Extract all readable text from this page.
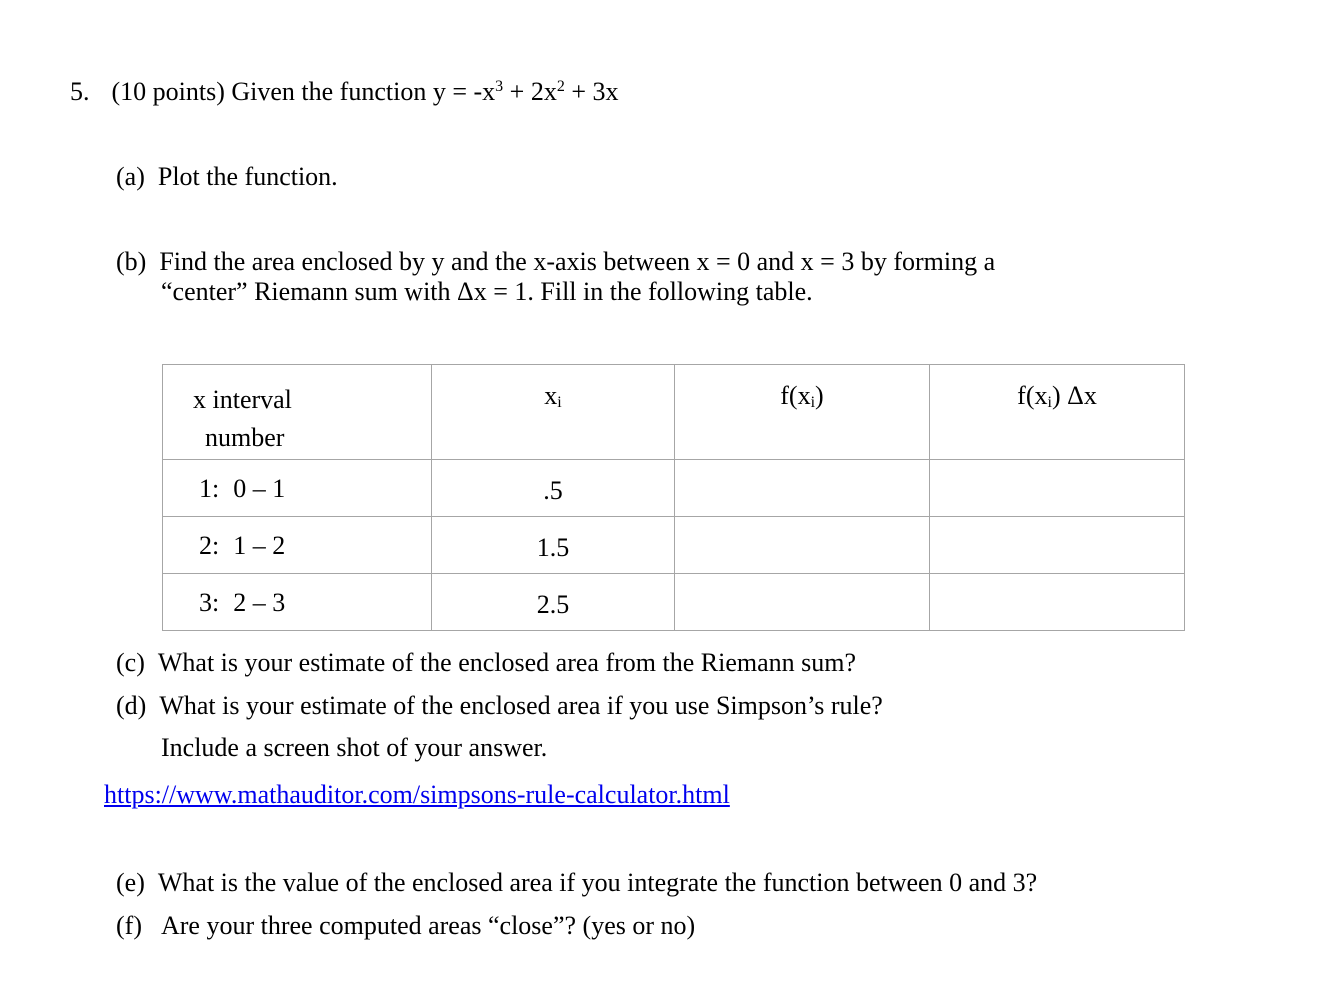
5. (10 points) Given the function $y = -x^3 + 2x^2 + 3x$
(a) Plot the function.
(b) Find the area enclosed by y and the x-axis between x = 0 and x = 3 by forming a
“center” Riemann sum with Δx = 1. Fill in the following table.
x interval
number	$x_i$	$f(x_i)$	$f(x_i)$ Δx

1: 0 – 1	.5		

2: 1 – 2	1.5		

3: 2 – 3	2.5		

(c) What is your estimate of the enclosed area from the Riemann sum?
(d) What is your estimate of the enclosed area if you use Simpson’s rule?
Include a screen shot of your answer.
https://www.mathauditor.com/simpsons-rule-calculator.html
(e) What is the value of the enclosed area if you integrate the function between 0 and 3?
(f) Are your three computed areas “close”? (yes or no)
